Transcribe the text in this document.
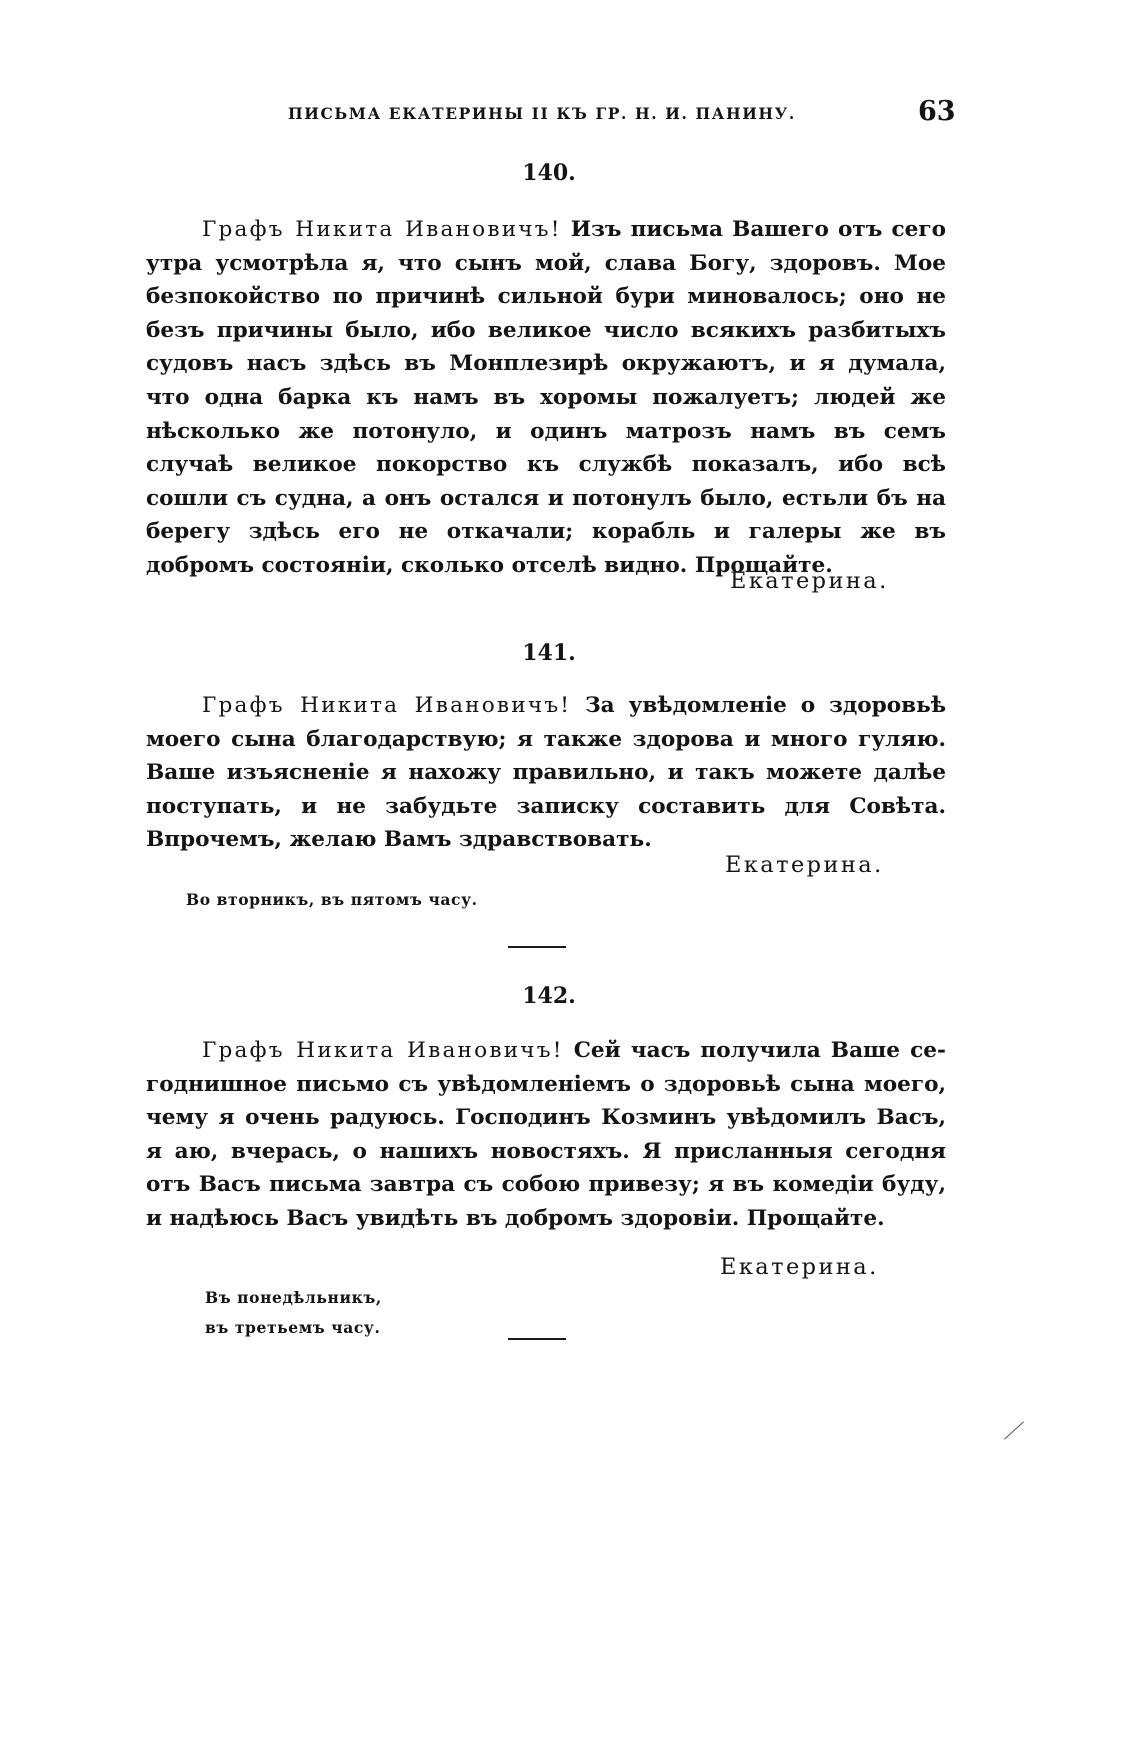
ПИСЬМА ЕКАТЕРИНЫ II КЪ ГР. Н. И. ПАНИНУ.	63
140.

Графъ Никита Ивановичъ! Изъ письма Вашего отъ сего утра усмотрѣла я, что сынъ мой, слава Богу, здоровъ. Мое безпокойство по причинѣ сильной бури миновалось; оно не безъ причины было, ибо великое число всякихъ разбитыхъ судовъ насъ здѣсь въ Монплезирѣ окружаютъ, и я думала, что одна барка къ намъ въ хоромы пожалуетъ; людей же нѣсколько же потонуло, и одинъ матрозъ намъ въ семъ случаѣ великое покорство къ службѣ показалъ, ибо всѣ сошли съ судна, а онъ остался и потонулъ было, естьли бъ на берегу здѣсь его не откачали; корабль и галеры же въ добромъ состоянiи, сколько отселѣ видно. Прощайте.

Екатерина.
141.

Графъ Никита Ивановичъ! За увѣдомленіе о здоровьѣ моего сына благодарствую; я также здорова и много гуляю. Ваше изъясненіе я нахожу правильно, и такъ можете далѣе поступать, и не забудьте записку составить для Совѣта. Впрочемъ, желаю Вамъ здравствовать.

Екатерина.
Во вторникъ, въ пятомъ часу.
142.

Графъ Никита Ивановичъ! Сей часъ получила Ваше сегоднишное письмо съ увѣдомленіемъ о здоровьѣ сына моего, чему я очень радуюсь. Господинъ Козминъ увѣдомилъ Васъ, я аю, вчерась, о нашихъ новостяхъ. Я присланныя сегодня отъ Васъ письма завтра съ собою привезу; я въ комедіи буду, и надѣюсь Васъ увидѣть въ добромъ здоровіи. Прощайте.

Екатерина.
Въ понедѣльникъ,
въ третьемъ часу.
